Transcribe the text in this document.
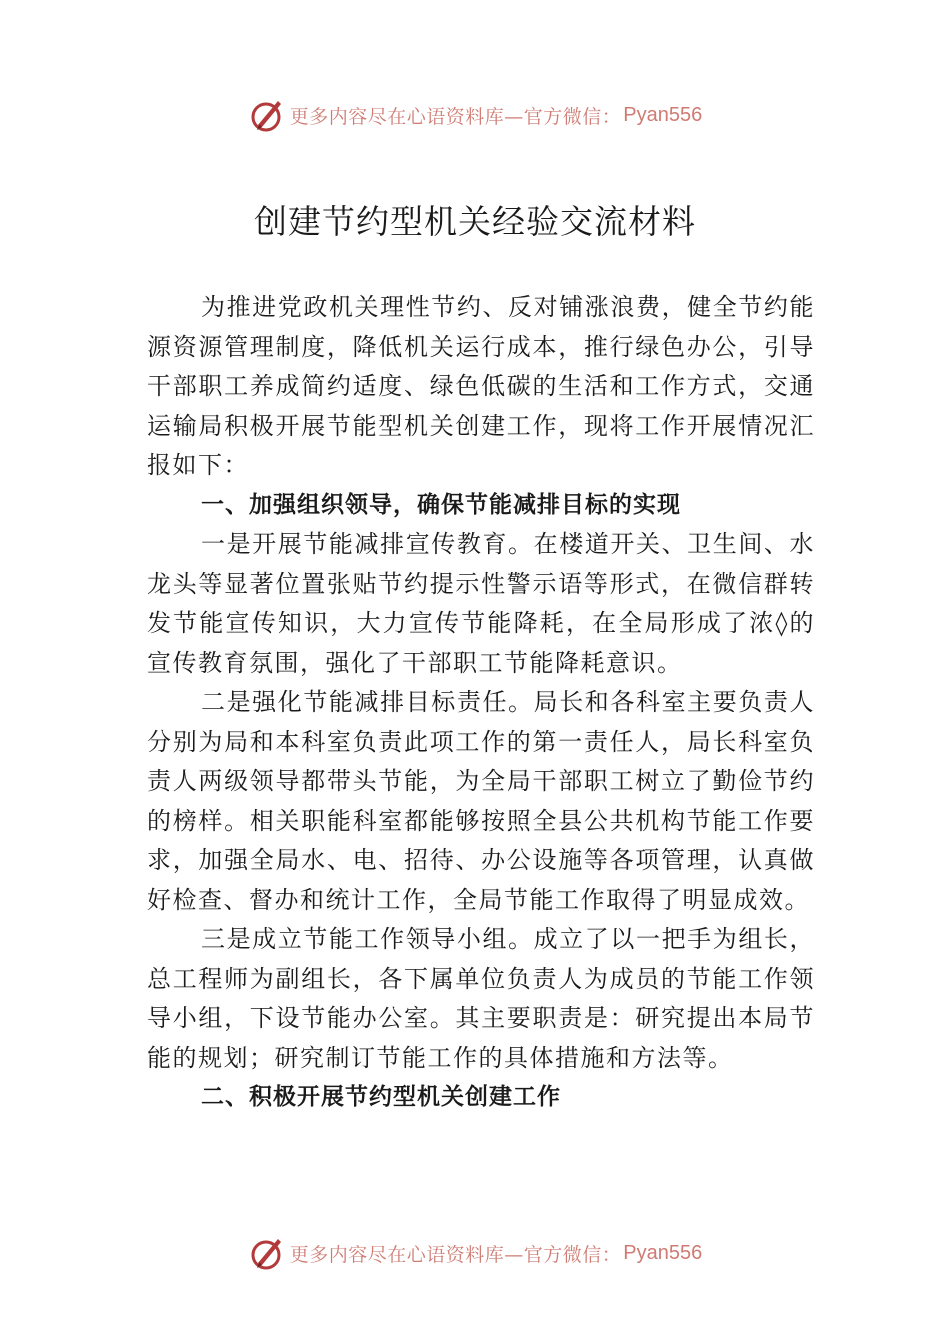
更多内容尽在心语资料库—官方微信： Pyan556
创建节约型机关经验交流材料

为推进党政机关理性节约、反对铺涨浪费，健全节约能源资源管理制度，降低机关运行成本，推行绿色办公，引导干部职工养成简约适度、绿色低碳的生活和工作方式，交通运输局积极开展节能型机关创建工作，现将工作开展情况汇报如下：

一、加强组织领导，确保节能减排目标的实现

一是开展节能减排宣传教育。在楼道开关、卫生间、水龙头等显著位置张贴节约提示性警示语等形式，在微信群转发节能宣传知识，大力宣传节能降耗，在全局形成了浓◊的宣传教育氛围，强化了干部职工节能降耗意识。

二是强化节能减排目标责任。局长和各科室主要负责人分别为局和本科室负责此项工作的第一责任人，局长科室负责人两级领导都带头节能，为全局干部职工树立了勤俭节约的榜样。相关职能科室都能够按照全县公共机构节能工作要求，加强全局水、电、招待、办公设施等各项管理，认真做好检查、督办和统计工作，全局节能工作取得了明显成效。

三是成立节能工作领导小组。成立了以一把手为组长，总工程师为副组长，各下属单位负责人为成员的节能工作领导小组，下设节能办公室。其主要职责是：研究提出本局节能的规划；研究制订节能工作的具体措施和方法等。

二、积极开展节约型机关创建工作

更多内容尽在心语资料库—官方微信： Pyan556
